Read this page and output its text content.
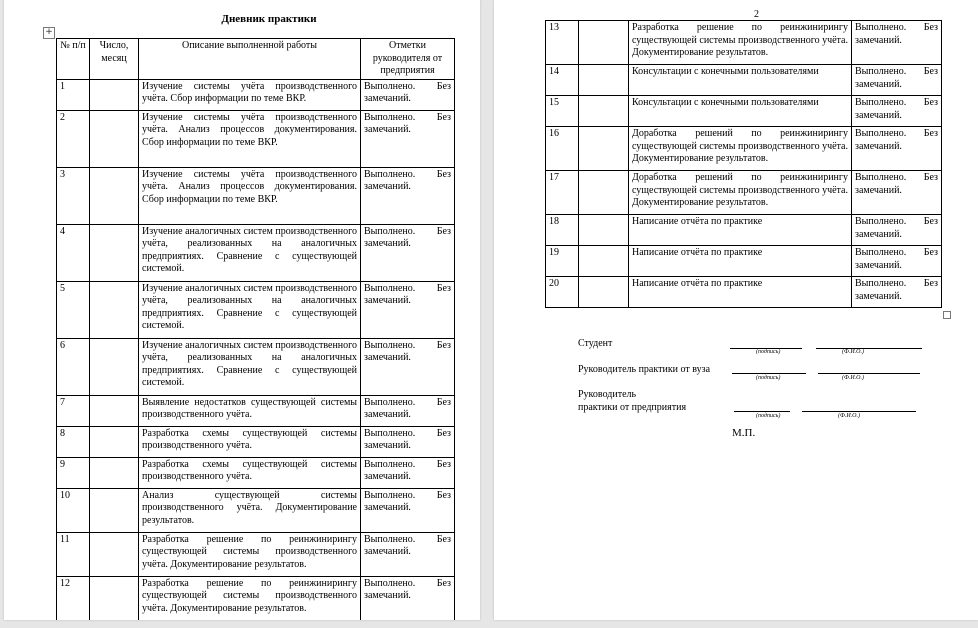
Дневник практики
+
№ п/п	Число, месяц	Описание выполненной работы	Отметки руководителя от предприятия
1		Изучение системы учёта производственного учёта. Сбор информации по теме ВКР.	Выполнено. Без замечаний.
2		Изучение системы учёта производственного учёта. Анализ процессов документирования. Сбор информации по теме ВКР.	Выполнено. Без замечаний.
3		Изучение системы учёта производственного учёта. Анализ процессов документирования. Сбор информации по теме ВКР.	Выполнено. Без замечаний.
4		Изучение аналогичных систем производственного учёта, реализованных на аналогичных предприятиях. Сравнение с существующей системой.	Выполнено. Без замечаний.
5		Изучение аналогичных систем производственного учёта, реализованных на аналогичных предприятиях. Сравнение с существующей системой.	Выполнено. Без замечаний.
6		Изучение аналогичных систем производственного учёта, реализованных на аналогичных предприятиях. Сравнение с существующей системой.	Выполнено. Без замечаний.
7		Выявление недостатков существующей системы производственного учёта.	Выполнено. Без замечаний.
8		Разработка схемы существующей системы производственного учёта.	Выполнено. Без замечаний.
9		Разработка схемы существующей системы производственного учёта.	Выполнено. Без замечаний.
10		Анализ существующей системы производственного учёта. Документирование результатов.	Выполнено. Без замечаний.
11		Разработка решение по реинжинирингу существующей системы производственного учёта. Документирование результатов.	Выполнено. Без замечаний.
12		Разработка решение по реинжинирингу существующей системы производственного учёта. Документирование результатов.	Выполнено. Без замечаний.
2
13		Разработка решение по реинжинирингу существующей системы производственного учёта. Документирование результатов.	Выполнено. Без замечаний.
14		Консультации с конечными пользователями	Выполнено. Без замечаний.
15		Консультации с конечными пользователями	Выполнено. Без замечаний.
16		Доработка решений по реинжинирингу существующей системы производственного учёта. Документирование результатов.	Выполнено. Без замечаний.
17		Доработка решений по реинжинирингу существующей системы производственного учёта. Документирование результатов.	Выполнено. Без замечаний.
18		Написание отчёта по практике	Выполнено. Без замечаний.
19		Написание отчёта по практике	Выполнено. Без замечаний.
20		Написание отчёта по практике	Выполнено. Без замечаний.
Студент
(подпись)	(Ф.И.О.)
Руководитель практики от вуза
(подпись)	(Ф.И.О.)
Руководитель
практики от предприятия
(подпись)	(Ф.И.О.)
М.П.
